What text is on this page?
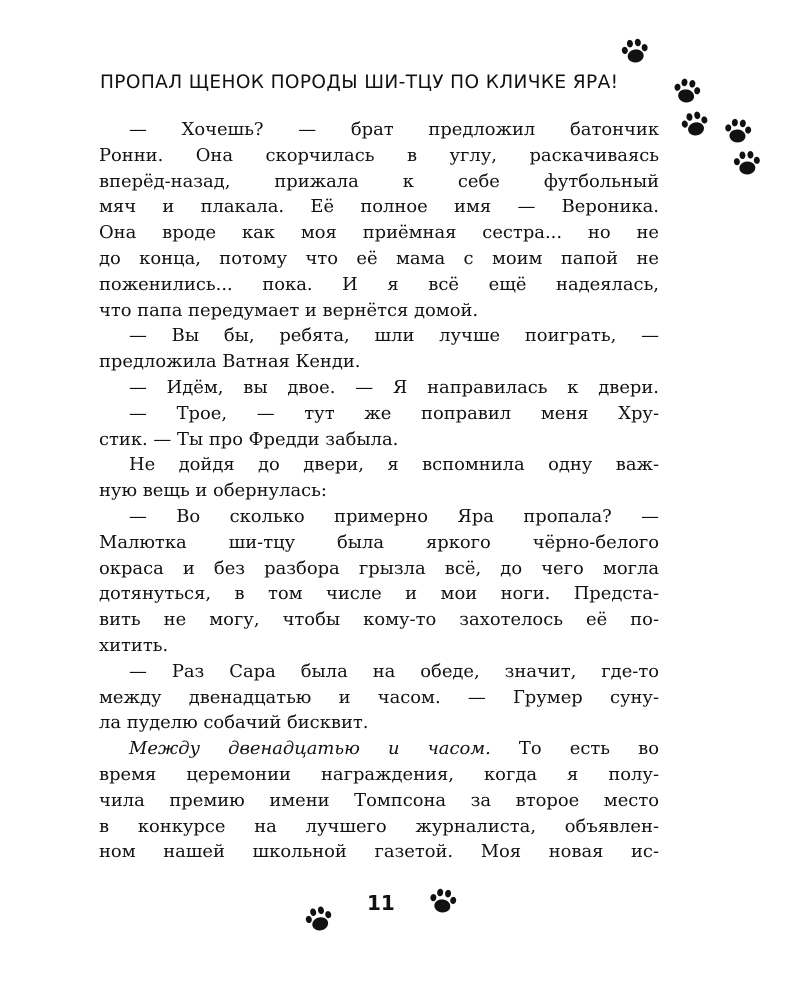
ПРОПАЛ ЩЕНОК ПОРОДЫ ШИ-ТЦУ ПО КЛИЧКЕ ЯРА!
— Хочешь? — брат предложил батончик
Ронни. Она скорчилась в углу, раскачиваясь
вперёд-назад, прижала к себе футбольный
мяч и плакала. Её полное имя — Вероника.
Она вроде как моя приёмная сестра... но не
до конца, потому что её мама с моим папой не
поженились... пока. И я всё ещё надеялась,
что папа передумает и вернётся домой.
— Вы бы, ребята, шли лучше поиграть, —
предложила Ватная Кенди.
— Идём, вы двое. — Я направилась к двери.
— Трое, — тут же поправил меня Хру-
стик. — Ты про Фредди забыла.
Не дойдя до двери, я вспомнила одну важ-
ную вещь и обернулась:
— Во сколько примерно Яра пропала? —
Малютка ши-тцу была яркого чёрно-белого
окраса и без разбора грызла всё, до чего могла
дотянуться, в том числе и мои ноги. Предста-
вить не могу, чтобы кому-то захотелось её по-
хитить.
— Раз Сара была на обеде, значит, где-то
между двенадцатью и часом. — Грумер суну-
ла пуделю собачий бисквит.
Между двенадцатью и часом. То есть во
время церемонии награждения, когда я полу-
чила премию имени Томпсона за второе место
в конкурсе на лучшего журналиста, объявлен-
ном нашей школьной газетой. Моя новая ис-
11
